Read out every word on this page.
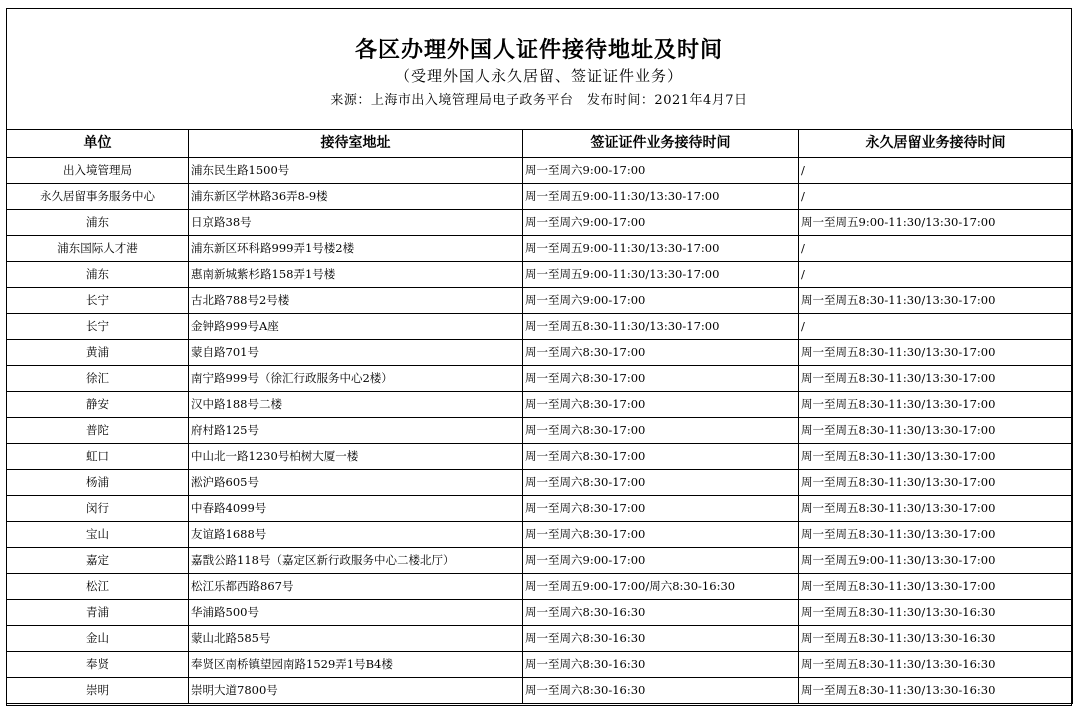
各区办理外国人证件接待地址及时间
（受理外国人永久居留、签证证件业务）
来源：上海市出入境管理局电子政务平台　发布时间：2021年4月7日
单位	接待室地址	签证证件业务接待时间	永久居留业务接待时间
出入境管理局	浦东民生路1500号	周一至周六9:00-17:00	/
永久居留事务服务中心	浦东新区学林路36弄8-9楼	周一至周五9:00-11:30/13:30-17:00	/
浦东	日京路38号	周一至周六9:00-17:00	周一至周五9:00-11:30/13:30-17:00
浦东国际人才港	浦东新区环科路999弄1号楼2楼	周一至周五9:00-11:30/13:30-17:00	/
浦东	惠南新城紫杉路158弄1号楼	周一至周五9:00-11:30/13:30-17:00	/
长宁	古北路788号2号楼	周一至周六9:00-17:00	周一至周五8:30-11:30/13:30-17:00
长宁	金钟路999号A座	周一至周五8:30-11:30/13:30-17:00	/
黄浦	蒙自路701号	周一至周六8:30-17:00	周一至周五8:30-11:30/13:30-17:00
徐汇	南宁路999号（徐汇行政服务中心2楼）	周一至周六8:30-17:00	周一至周五8:30-11:30/13:30-17:00
静安	汉中路188号二楼	周一至周六8:30-17:00	周一至周五8:30-11:30/13:30-17:00
普陀	府村路125号	周一至周六8:30-17:00	周一至周五8:30-11:30/13:30-17:00
虹口	中山北一路1230号柏树大厦一楼	周一至周六8:30-17:00	周一至周五8:30-11:30/13:30-17:00
杨浦	淞沪路605号	周一至周六8:30-17:00	周一至周五8:30-11:30/13:30-17:00
闵行	中春路4099号	周一至周六8:30-17:00	周一至周五8:30-11:30/13:30-17:00
宝山	友谊路1688号	周一至周六8:30-17:00	周一至周五8:30-11:30/13:30-17:00
嘉定	嘉戬公路118号（嘉定区新行政服务中心二楼北厅）	周一至周六9:00-17:00	周一至周五9:00-11:30/13:30-17:00
松江	松江乐都西路867号	周一至周五9:00-17:00/周六8:30-16:30	周一至周五8:30-11:30/13:30-17:00
青浦	华浦路500号	周一至周六8:30-16:30	周一至周五8:30-11:30/13:30-16:30
金山	蒙山北路585号	周一至周六8:30-16:30	周一至周五8:30-11:30/13:30-16:30
奉贤	奉贤区南桥镇望园南路1529弄1号B4楼	周一至周六8:30-16:30	周一至周五8:30-11:30/13:30-16:30
崇明	崇明大道7800号	周一至周六8:30-16:30	周一至周五8:30-11:30/13:30-16:30
